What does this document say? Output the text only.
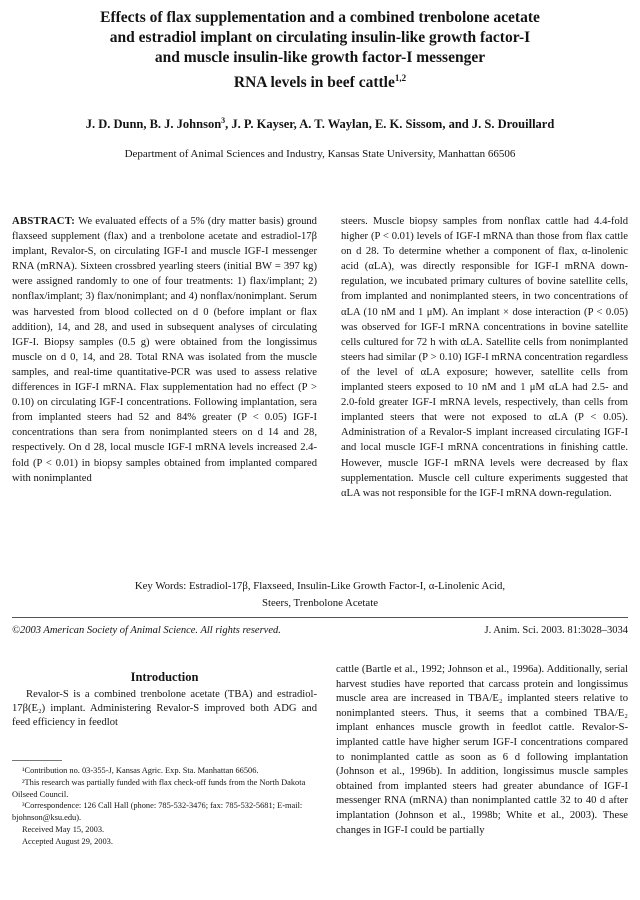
Effects of flax supplementation and a combined trenbolone acetate
and estradiol implant on circulating insulin-like growth factor-I
and muscle insulin-like growth factor-I messenger
RNA levels in beef cattle$^{1,2}$
J. D. Dunn, B. J. Johnson$^3$, J. P. Kayser, A. T. Waylan, E. K. Sissom, and J. S. Drouillard
Department of Animal Sciences and Industry, Kansas State University, Manhattan 66506
ABSTRACT: We evaluated effects of a 5% (dry matter basis) ground flaxseed supplement (flax) and a trenbolone acetate and estradiol-17β implant, Revalor-S, on circulating IGF-I and muscle IGF-I messenger RNA (mRNA). Sixteen crossbred yearling steers (initial BW = 397 kg) were assigned randomly to one of four treatments: 1) flax/implant; 2) nonflax/implant; 3) flax/nonimplant; and 4) nonflax/nonimplant. Serum was harvested from blood collected on d 0 (before implant or flax addition), 14, and 28, and used in subsequent analyses of circulating IGF-I. Biopsy samples (0.5 g) were obtained from the longissimus muscle on d 0, 14, and 28. Total RNA was isolated from the muscle samples, and real-time quantitative-PCR was used to assess relative differences in IGF-I mRNA. Flax supplementation had no effect (P > 0.10) on circulating IGF-I concentrations. Following implantation, sera from implanted steers had 52 and 84% greater (P < 0.05) IGF-I concentrations than sera from nonimplanted steers on d 14 and 28, respectively. On d 28, local muscle IGF-I mRNA levels increased 2.4-fold (P < 0.01) in biopsy samples obtained from implanted compared with nonimplanted
steers. Muscle biopsy samples from nonflax cattle had 4.4-fold higher (P < 0.01) levels of IGF-I mRNA than those from flax cattle on d 28. To determine whether a component of flax, α-linolenic acid (αLA), was directly responsible for IGF-I mRNA down-regulation, we incubated primary cultures of bovine satellite cells, from implanted and nonimplanted steers, in two concentrations of αLA (10 nM and 1 μM). An implant × dose interaction (P < 0.05) was observed for IGF-I mRNA concentrations in bovine satellite cells cultured for 72 h with αLA. Satellite cells from nonimplanted steers had similar (P > 0.10) IGF-I mRNA concentration regardless of the level of αLA exposure; however, satellite cells from implanted steers exposed to 10 nM and 1 μM αLA had 2.5- and 2.0-fold greater IGF-I mRNA levels, respectively, than cells from implanted steers that were not exposed to αLA (P < 0.05). Administration of a Revalor-S implant increased circulating IGF-I and local muscle IGF-I mRNA concentrations in finishing cattle. However, muscle IGF-I mRNA levels were decreased by flax supplementation. Muscle cell culture experiments suggested that αLA was not responsible for the IGF-I mRNA down-regulation.
Key Words: Estradiol-17β, Flaxseed, Insulin-Like Growth Factor-I, α-Linolenic Acid,
Steers, Trenbolone Acetate
©2003 American Society of Animal Science. All rights reserved.	J. Anim. Sci. 2003. 81:3028–3034
Introduction
Revalor-S is a combined trenbolone acetate (TBA) and estradiol-17β(E₂) implant. Administering Revalor-S improved both ADG and feed efficiency in feedlot
cattle (Bartle et al., 1992; Johnson et al., 1996a). Additionally, serial harvest studies have reported that carcass protein and longissimus muscle area are increased in TBA/E₂ implanted steers relative to nonimplanted steers. Thus, it seems that a combined TBA/E₂ implant enhances muscle growth in feedlot cattle. Revalor-S-implanted cattle have higher serum IGF-I concentrations compared to nonimplanted cattle as soon as 6 d following implantation (Johnson et al., 1996b). In addition, longissimus muscle samples obtained from implanted steers had greater abundance of IGF-I messenger RNA (mRNA) than nonimplanted cattle 32 to 40 d after implantation (Johnson et al., 1998b; White et al., 2003). These changes in IGF-I could be partially
¹Contribution no. 03-355-J, Kansas Agric. Exp. Sta. Manhattan 66506.
²This research was partially funded with flax check-off funds from the North Dakota Oilseed Council.
³Correspondence: 126 Call Hall (phone: 785-532-3476; fax: 785-532-5681; E-mail: bjohnson@ksu.edu).
Received May 15, 2003.
Accepted August 29, 2003.
